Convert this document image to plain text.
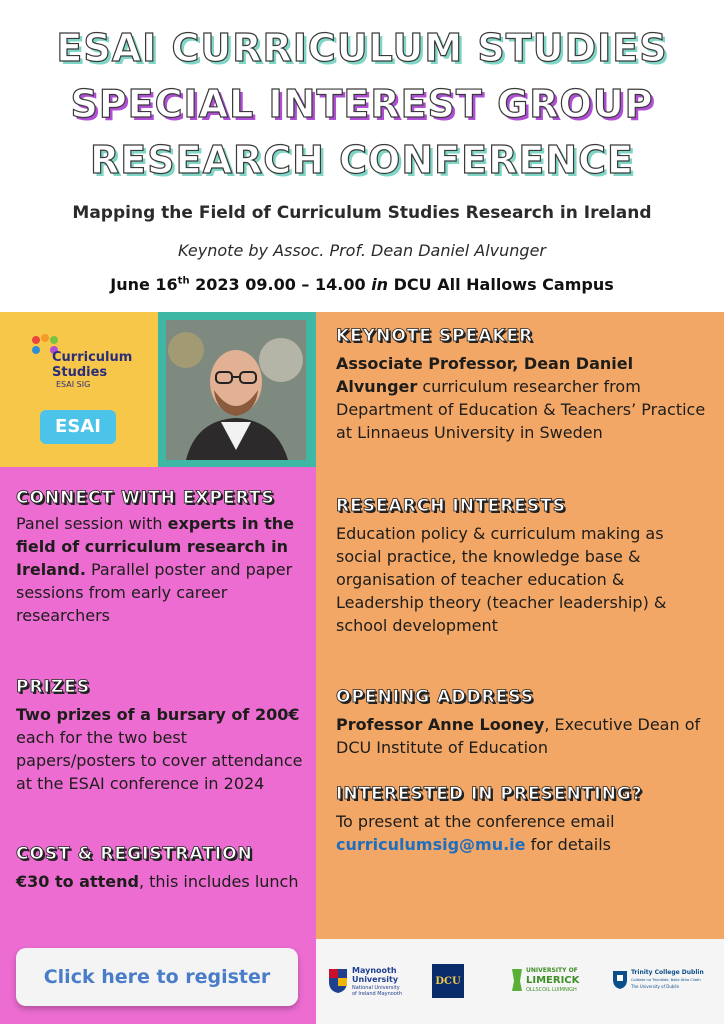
ESAI CURRICULUM STUDIES
SPECIAL INTEREST GROUP
RESEARCH CONFERENCE
Mapping the Field of Curriculum Studies Research in Ireland
Keynote by Assoc. Prof. Dean Daniel Alvunger
June 16th 2023 09.00 – 14.00 in DCU All Hallows Campus
Curriculum
Studies
ESAI SIG
ESAI
CONNECT WITH EXPERTS
Panel session with experts in the field of curriculum research in Ireland. Parallel poster and paper sessions from early career researchers
PRIZES
Two prizes of a bursary of 200€ each for the two best papers/posters to cover attendance at the ESAI conference in 2024
COST & REGISTRATION
€30 to attend, this includes lunch
Click here to register
KEYNOTE SPEAKER
Associate Professor, Dean Daniel Alvunger curriculum researcher from Department of Education & Teachers’ Practice at Linnaeus University in Sweden
RESEARCH INTERESTS
Education policy & curriculum making as social practice, the knowledge base & organisation of teacher education & Leadership theory (teacher leadership) & school development
OPENING ADDRESS
Professor Anne Looney, Executive Dean of DCU Institute of Education
INTERESTED IN PRESENTING?
To present at the conference email curriculumsig@mu.ie for details
Maynooth
University
National University
of Ireland Maynooth
DCU
UNIVERSITY OF
LIMERICK
OLLSCOIL LUIMNIGH
Trinity College Dublin
Coláiste na Tríonóide, Baile Átha Cliath
The University of Dublin
